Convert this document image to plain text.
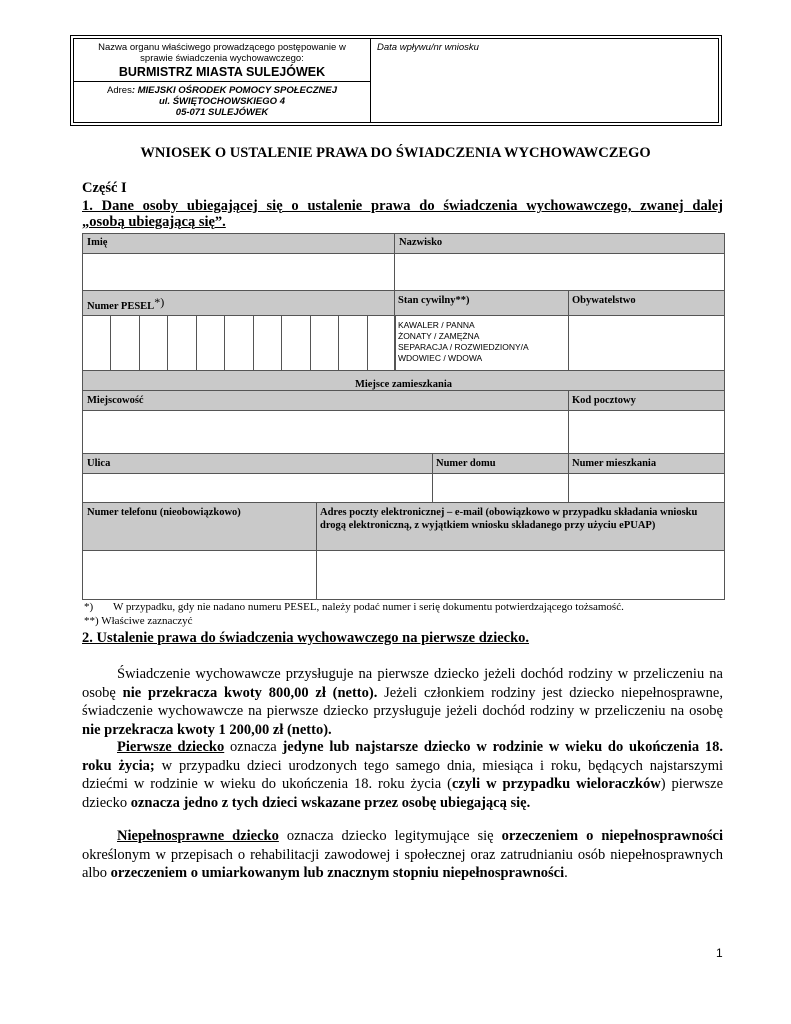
Nazwa organu właściwego prowadzącego postępowanie w
sprawie świadczenia wychowawczego:
BURMISTRZ MIASTA SULEJÓWEK
Adres: MIEJSKI OŚRODEK POMOCY SPOŁECZNEJ
ul. ŚWIĘTOCHOWSKIEGO 4
05-071 SULEJÓWEK
Data wpływu/nr wniosku
WNIOSEK O USTALENIE PRAWA DO ŚWIADCZENIA WYCHOWAWCZEGO
Część I
1. Dane osoby ubiegającej się o ustalenie prawa do świadczenia wychowawczego, zwanej dalej
„osobą ubiegającą się”.
Imię	Nazwisko
Numer PESEL*)	Stan cywilny**)	Obywatelstwo
KAWALER / PANNA
ŻONATY / ZAMĘŻNA
SEPARACJA / ROZWIEDZIONY/A
WDOWIEC / WDOWA
Miejsce zamieszkania
Miejscowość	Kod pocztowy
Ulica	Numer domu	Numer mieszkania
Numer telefonu (nieobowiązkowo)	Adres poczty elektronicznej – e-mail (obowiązkowo w przypadku składania wniosku drogą elektroniczną, z wyjątkiem wniosku składanego przy użyciu ePUAP)
*) W przypadku, gdy nie nadano numeru PESEL, należy podać numer i serię dokumentu potwierdzającego tożsamość.
**) Właściwe zaznaczyć
2. Ustalenie prawa do świadczenia wychowawczego na pierwsze dziecko.
Świadczenie wychowawcze przysługuje na pierwsze dziecko jeżeli dochód rodziny w przeliczeniu na osobę nie przekracza kwoty 800,00 zł (netto). Jeżeli członkiem rodziny jest dziecko niepełnosprawne, świadczenie wychowawcze na pierwsze dziecko przysługuje jeżeli dochód rodziny w przeliczeniu na osobę nie przekracza kwoty 1 200,00 zł (netto).
Pierwsze dziecko oznacza jedyne lub najstarsze dziecko w rodzinie w wieku do ukończenia 18. roku życia; w przypadku dzieci urodzonych tego samego dnia, miesiąca i roku, będących najstarszymi dziećmi w rodzinie w wieku do ukończenia 18. roku życia (czyli w przypadku wieloraczków) pierwsze dziecko oznacza jedno z tych dzieci wskazane przez osobę ubiegającą się.
Niepełnosprawne dziecko oznacza dziecko legitymujące się orzeczeniem o niepełnosprawności określonym w przepisach o rehabilitacji zawodowej i społecznej oraz zatrudnianiu osób niepełnosprawnych albo orzeczeniem o umiarkowanym lub znacznym stopniu niepełnosprawności.
1
